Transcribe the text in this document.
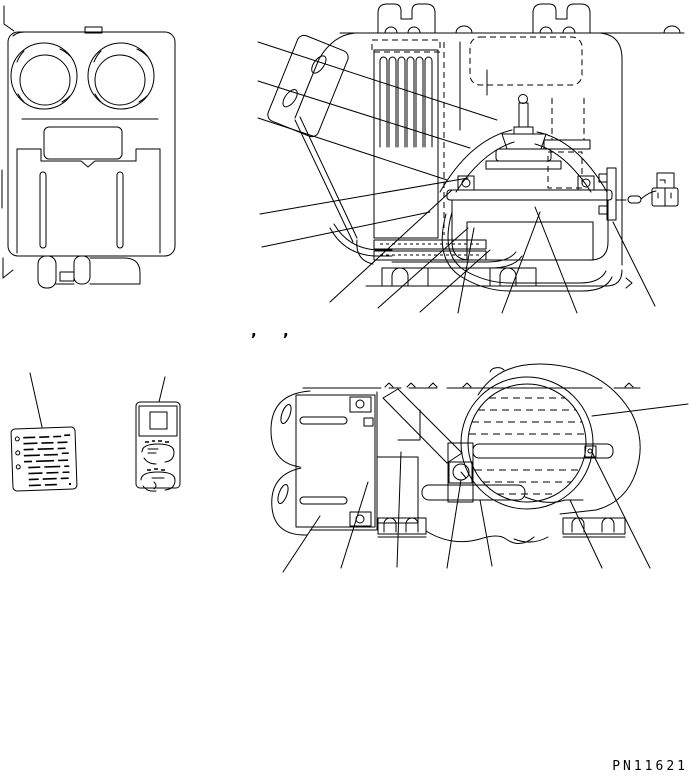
, ,
PN11621
